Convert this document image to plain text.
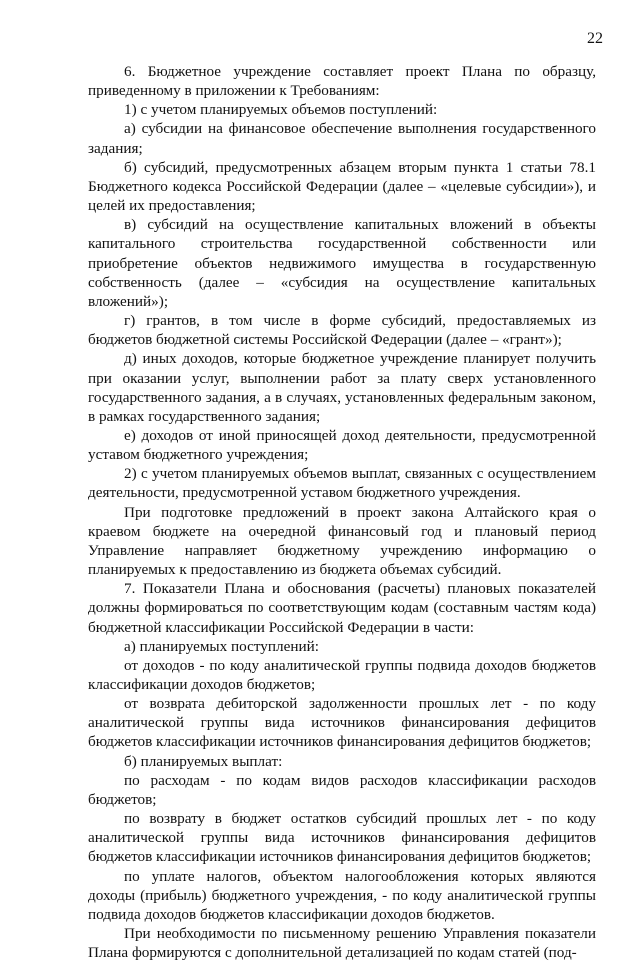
22

6. Бюджетное учреждение составляет проект Плана по образцу, приведенному в приложении к Требованиям:

1) с учетом планируемых объемов поступлений:

а) субсидии на финансовое обеспечение выполнения государственного задания;

б) субсидий, предусмотренных абзацем вторым пункта 1 статьи 78.1 Бюджетного кодекса Российской Федерации (далее – «целевые субсидии»), и целей их предоставления;

в) субсидий на осуществление капитальных вложений в объекты капитального строительства государственной собственности или приобретение объектов недвижимого имущества в государственную собственность (далее – «субсидия на осуществление капитальных вложений»);

г) грантов, в том числе в форме субсидий, предоставляемых из бюджетов бюджетной системы Российской Федерации (далее – «грант»);

д) иных доходов, которые бюджетное учреждение планирует получить при оказании услуг, выполнении работ за плату сверх установленного государственного задания, а в случаях, установленных федеральным законом, в рамках государственного задания;

е) доходов от иной приносящей доход деятельности, предусмотренной уставом бюджетного учреждения;

2) с учетом планируемых объемов выплат, связанных с осуществлением деятельности, предусмотренной уставом бюджетного учреждения.

При подготовке предложений в проект закона Алтайского края о краевом бюджете на очередной финансовый год и плановый период Управление направляет бюджетному учреждению информацию о планируемых к предоставлению из бюджета объемах субсидий.

7. Показатели Плана и обоснования (расчеты) плановых показателей должны формироваться по соответствующим кодам (составным частям кода) бюджетной классификации Российской Федерации в части:

а) планируемых поступлений:

от доходов - по коду аналитической группы подвида доходов бюджетов классификации доходов бюджетов;

от возврата дебиторской задолженности прошлых лет - по коду аналитической группы вида источников финансирования дефицитов бюджетов классификации источников финансирования дефицитов бюджетов;

б) планируемых выплат:

по расходам - по кодам видов расходов классификации расходов бюджетов;

по возврату в бюджет остатков субсидий прошлых лет - по коду аналитической группы вида источников финансирования дефицитов бюджетов классификации источников финансирования дефицитов бюджетов;

по уплате налогов, объектом налогообложения которых являются доходы (прибыль) бюджетного учреждения, - по коду аналитической группы подвида доходов бюджетов классификации доходов бюджетов.

При необходимости по письменному решению Управления показатели Плана формируются с дополнительной детализацией по кодам статей (под-
